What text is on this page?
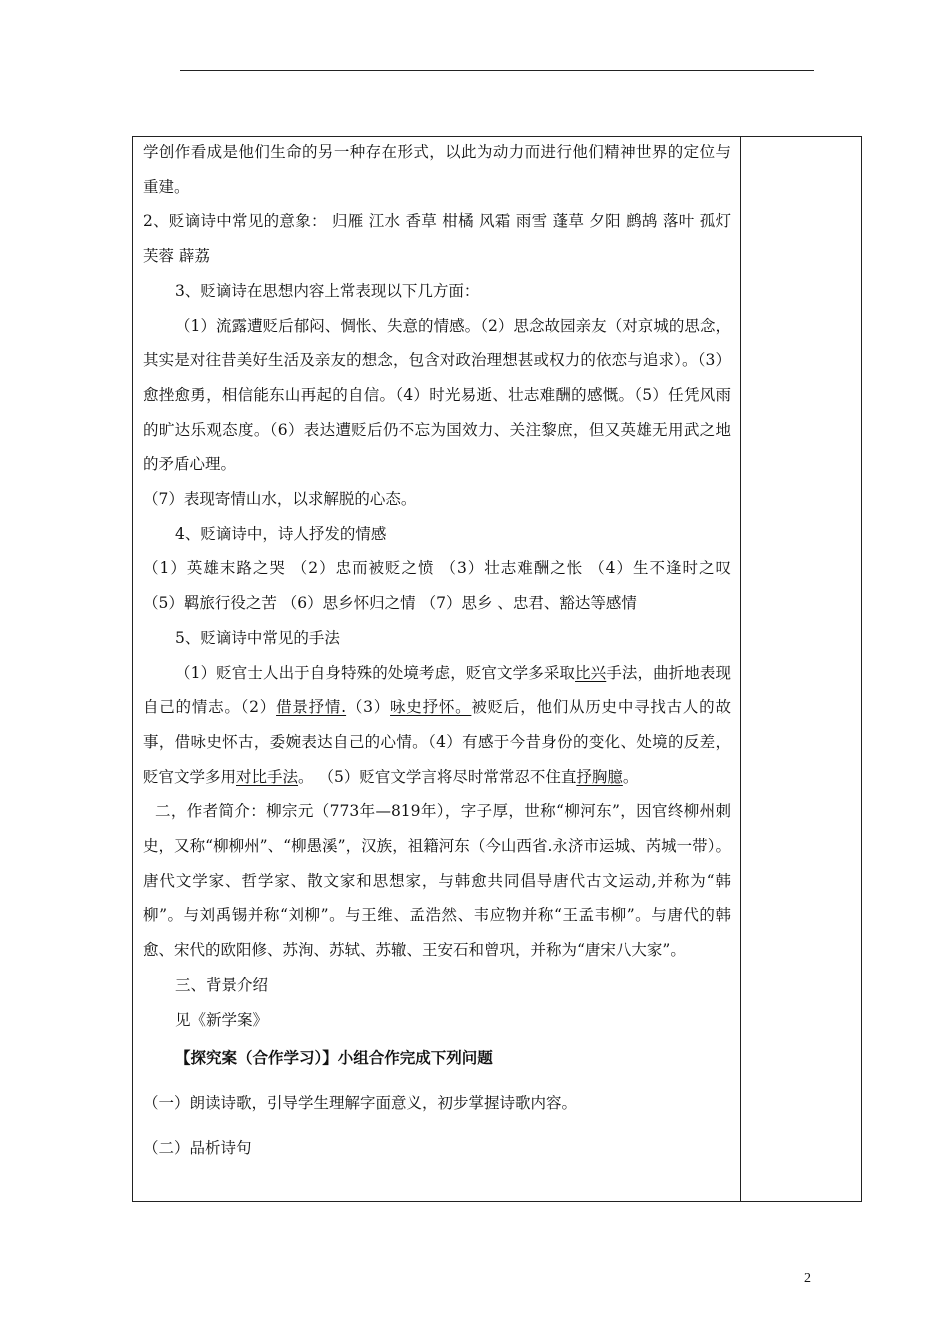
学创作看成是他们生命的另一种存在形式，以此为动力而进行他们精神世界的定位与重建。

2、贬谪诗中常见的意象： 归雁 江水 香草 柑橘 风霜 雨雪 蓬草 夕阳 鹧鸪 落叶 孤灯 芙蓉 薜荔

3、贬谪诗在思想内容上常表现以下几方面：

（1）流露遭贬后郁闷、惆怅、失意的情感。（2）思念故园亲友（对京城的思念，其实是对往昔美好生活及亲友的想念，包含对政治理想甚或权力的依恋与追求）。（3）愈挫愈勇，相信能东山再起的自信。（4）时光易逝、壮志难酬的感慨。（5）任凭风雨的旷达乐观态度。（6）表达遭贬后仍不忘为国效力、关注黎庶，但又英雄无用武之地的矛盾心理。

（7）表现寄情山水，以求解脱的心态。

4、贬谪诗中，诗人抒发的情感

（1）英雄末路之哭 （2）忠而被贬之愤 （3）壮志难酬之怅 （4）生不逢时之叹 （5）羁旅行役之苦 （6）思乡怀归之情 （7）思乡 、忠君、豁达等感情

5、贬谪诗中常见的手法

（1）贬官士人出于自身特殊的处境考虑，贬官文学多采取比兴手法，曲折地表现自己的情志。（2）借景抒情.（3）咏史抒怀。被贬后，他们从历史中寻找古人的故事，借咏史怀古，委婉表达自己的心情。（4）有感于今昔身份的变化、处境的反差，贬官文学多用对比手法。 （5）贬官文学言将尽时常常忍不住直抒胸臆。

二，作者简介：柳宗元（773年—819年），字子厚，世称“柳河东”，因官终柳州刺史，又称“柳柳州”、“柳愚溪”，汉族，祖籍河东（今山西省.永济市运城、芮城一带）。唐代文学家、哲学家、散文家和思想家，与韩愈共同倡导唐代古文运动,并称为“韩柳”。与刘禹锡并称“刘柳”。与王维、孟浩然、韦应物并称“王孟韦柳”。与唐代的韩愈、宋代的欧阳修、苏洵、苏轼、苏辙、王安石和曾巩，并称为“唐宋八大家”。

三、背景介绍

见《新学案》

【探究案（合作学习）】小组合作完成下列问题

（一）朗读诗歌，引导学生理解字面意义，初步掌握诗歌内容。

（二）品析诗句

2
